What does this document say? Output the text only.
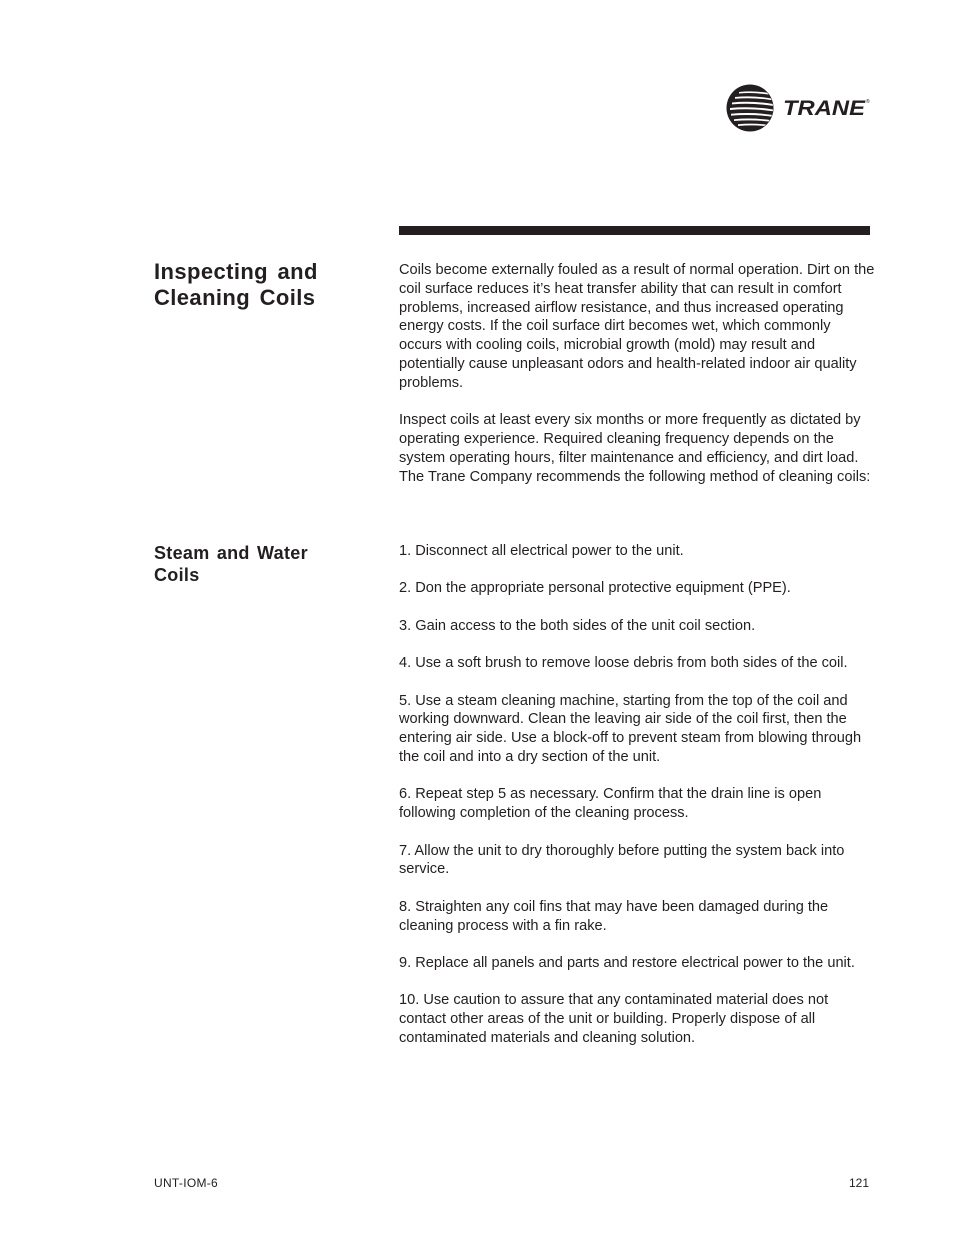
TRANE ®
Inspecting and Cleaning Coils

Coils become externally fouled as a result of normal operation. Dirt on the coil surface reduces it’s heat transfer ability that can result in comfort problems, increased airflow resistance, and thus increased operating energy costs. If the coil surface dirt becomes wet, which commonly occurs with cooling coils, microbial growth (mold) may result and potentially cause unpleasant odors and health-related indoor air quality problems.

Inspect coils at least every six months or more frequently as dictated by operating experience. Required cleaning frequency depends on the system operating hours, filter maintenance and efficiency, and dirt load. The Trane Company recommends the following method of cleaning coils:

Steam and Water Coils
1. Disconnect all electrical power to the unit.
2. Don the appropriate personal protective equipment (PPE).
3. Gain access to the both sides of the unit coil section.
4. Use a soft brush to remove loose debris from both sides of the coil.
5. Use a steam cleaning machine, starting from the top of the coil and working downward. Clean the leaving air side of the coil first, then the entering air side. Use a block-off to prevent steam from blowing through the coil and into a dry section of the unit.
6. Repeat step 5 as necessary. Confirm that the drain line is open following completion of the cleaning process.
7. Allow the unit to dry thoroughly before putting the system back into service.
8. Straighten any coil fins that may have been damaged during the cleaning process with a fin rake.
9. Replace all panels and parts and restore electrical power to the unit.
10. Use caution to assure that any contaminated material does not contact other areas of the unit or building. Properly dispose of all contaminated materials and cleaning solution.
UNT-IOM-6	121
